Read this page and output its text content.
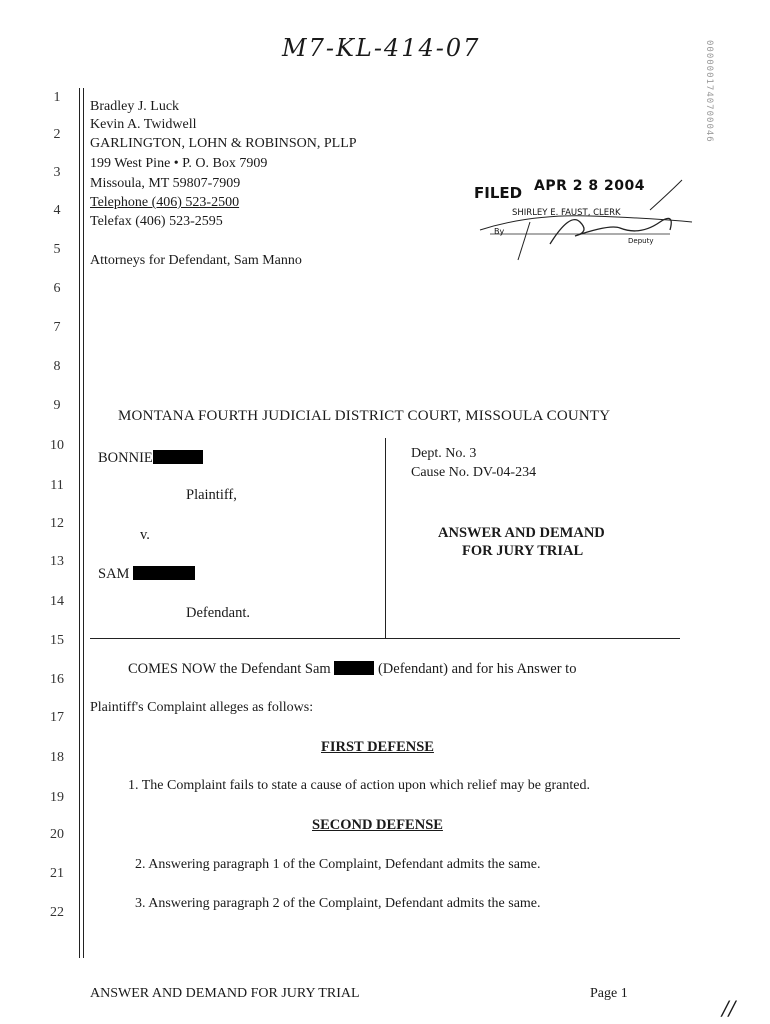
M7-KL-414-07	0000001740700046
1
2
3
4
5
6
7
8
9
10
11
12
13
14
15
16
17
18
19
20
21
22
Bradley J. Luck
Kevin A. Twidwell
GARLINGTON, LOHN & ROBINSON, PLLP
199 West Pine • P. O. Box 7909
Missoula, MT 59807-7909
Telephone (406) 523-2500
Telefax (406) 523-2595
Attorneys for Defendant, Sam Manno
FILED APR 2 8 2004
SHIRLEY E. FAUST, CLERK
By
Deputy
MONTANA FOURTH JUDICIAL DISTRICT COURT, MISSOULA COUNTY
BONNIE
Plaintiff,
v.
SAM
Defendant.
Dept. No. 3
Cause No. DV-04-234
ANSWER AND DEMAND
FOR JURY TRIAL
COMES NOW the Defendant Sam	(Defendant) and for his Answer to
Plaintiff's Complaint alleges as follows:
FIRST DEFENSE
1. The Complaint fails to state a cause of action upon which relief may be granted.
SECOND DEFENSE
2. Answering paragraph 1 of the Complaint, Defendant admits the same.
3. Answering paragraph 2 of the Complaint, Defendant admits the same.
ANSWER AND DEMAND FOR JURY TRIAL	Page 1
//
